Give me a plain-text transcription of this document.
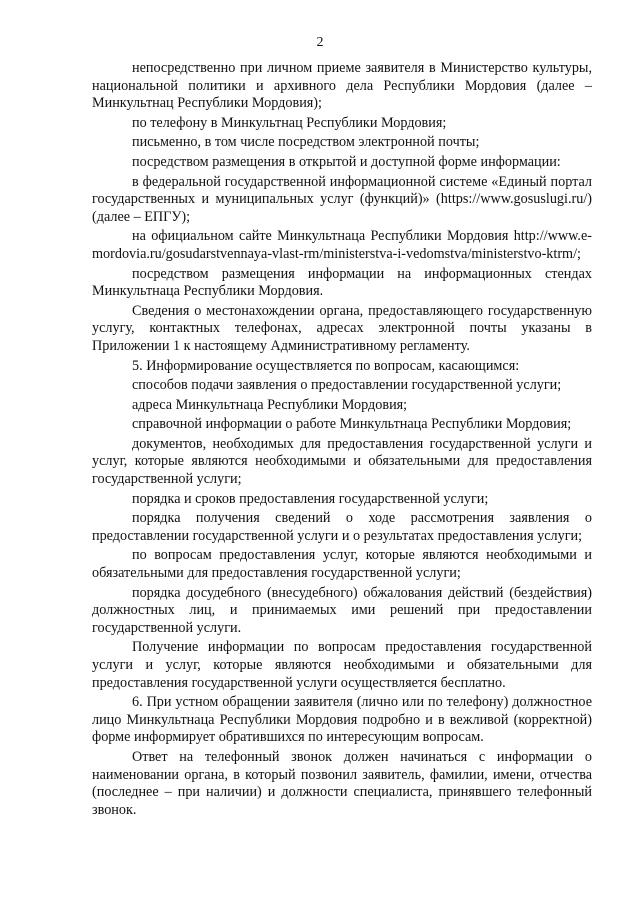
2

непосредственно при личном приеме заявителя в Министерство культуры, национальной политики и архивного дела Республики Мордовия (далее – Минкультнац Республики Мордовия);

по телефону в Минкультнац Республики Мордовия;

письменно, в том числе посредством электронной почты;

посредством размещения в открытой и доступной форме информации:

в федеральной государственной информационной системе «Единый портал государственных и муниципальных услуг (функций)» (https://www.gosuslugi.ru/) (далее – ЕПГУ);

на официальном сайте Минкультнаца Республики Мордовия http://www.e-mordovia.ru/gosudarstvennaya-vlast-rm/ministerstva-i-vedomstva/ministerstvo-ktrm/;

посредством размещения информации на информационных стендах Минкультнаца Республики Мордовия.

Сведения о местонахождении органа, предоставляющего государственную услугу, контактных телефонах, адресах электронной почты указаны в Приложении 1 к настоящему Административному регламенту.

5. Информирование осуществляется по вопросам, касающимся:

способов подачи заявления о предоставлении государственной услуги;

адреса Минкультнаца Республики Мордовия;

справочной информации о работе Минкультнаца Республики Мордовия;

документов, необходимых для предоставления государственной услуги и услуг, которые являются необходимыми и обязательными для предоставления государственной услуги;

порядка и сроков предоставления государственной услуги;

порядка получения сведений о ходе рассмотрения заявления о предоставлении государственной услуги и о результатах предоставления услуги;

по вопросам предоставления услуг, которые являются необходимыми и обязательными для предоставления государственной услуги;

порядка досудебного (внесудебного) обжалования действий (бездействия) должностных лиц, и принимаемых ими решений при предоставлении государственной услуги.

Получение информации по вопросам предоставления государственной услуги и услуг, которые являются необходимыми и обязательными для предоставления государственной услуги осуществляется бесплатно.

6. При устном обращении заявителя (лично или по телефону) должностное лицо Минкультнаца Республики Мордовия подробно и в вежливой (корректной) форме информирует обратившихся по интересующим вопросам.

Ответ на телефонный звонок должен начинаться с информации о наименовании органа, в который позвонил заявитель, фамилии, имени, отчества (последнее – при наличии) и должности специалиста, принявшего телефонный звонок.
